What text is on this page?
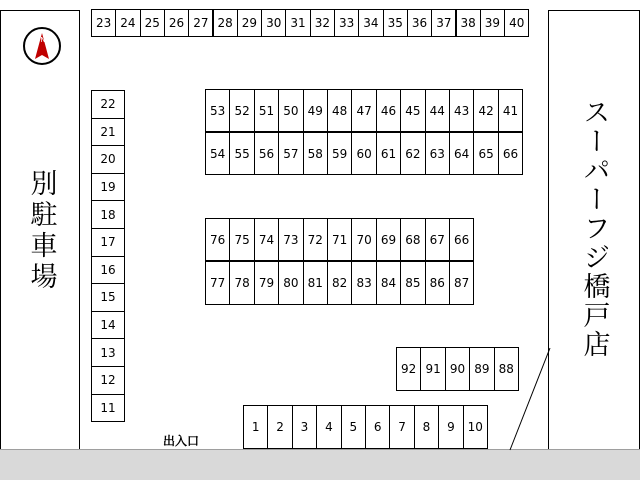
別駐車場	スーパーフジ橋戸店
N
出入口
23 24 25 26 27 28 29 30 31 32 33 34 35 36 37 38 39 40
22
21
20
19
18
17
16
15
14
13
12
11
53 52 51 50 49 48 47 46 45 44 43 42 41
54 55 56 57 58 59 60 61 62 63 64 65 66
76 75 74 73 72 71 70 69 68 67 66
77 78 79 80 81 82 83 84 85 86 87
92 91 90 89 88
1	2	3	4	5	6	7	8	9	10
